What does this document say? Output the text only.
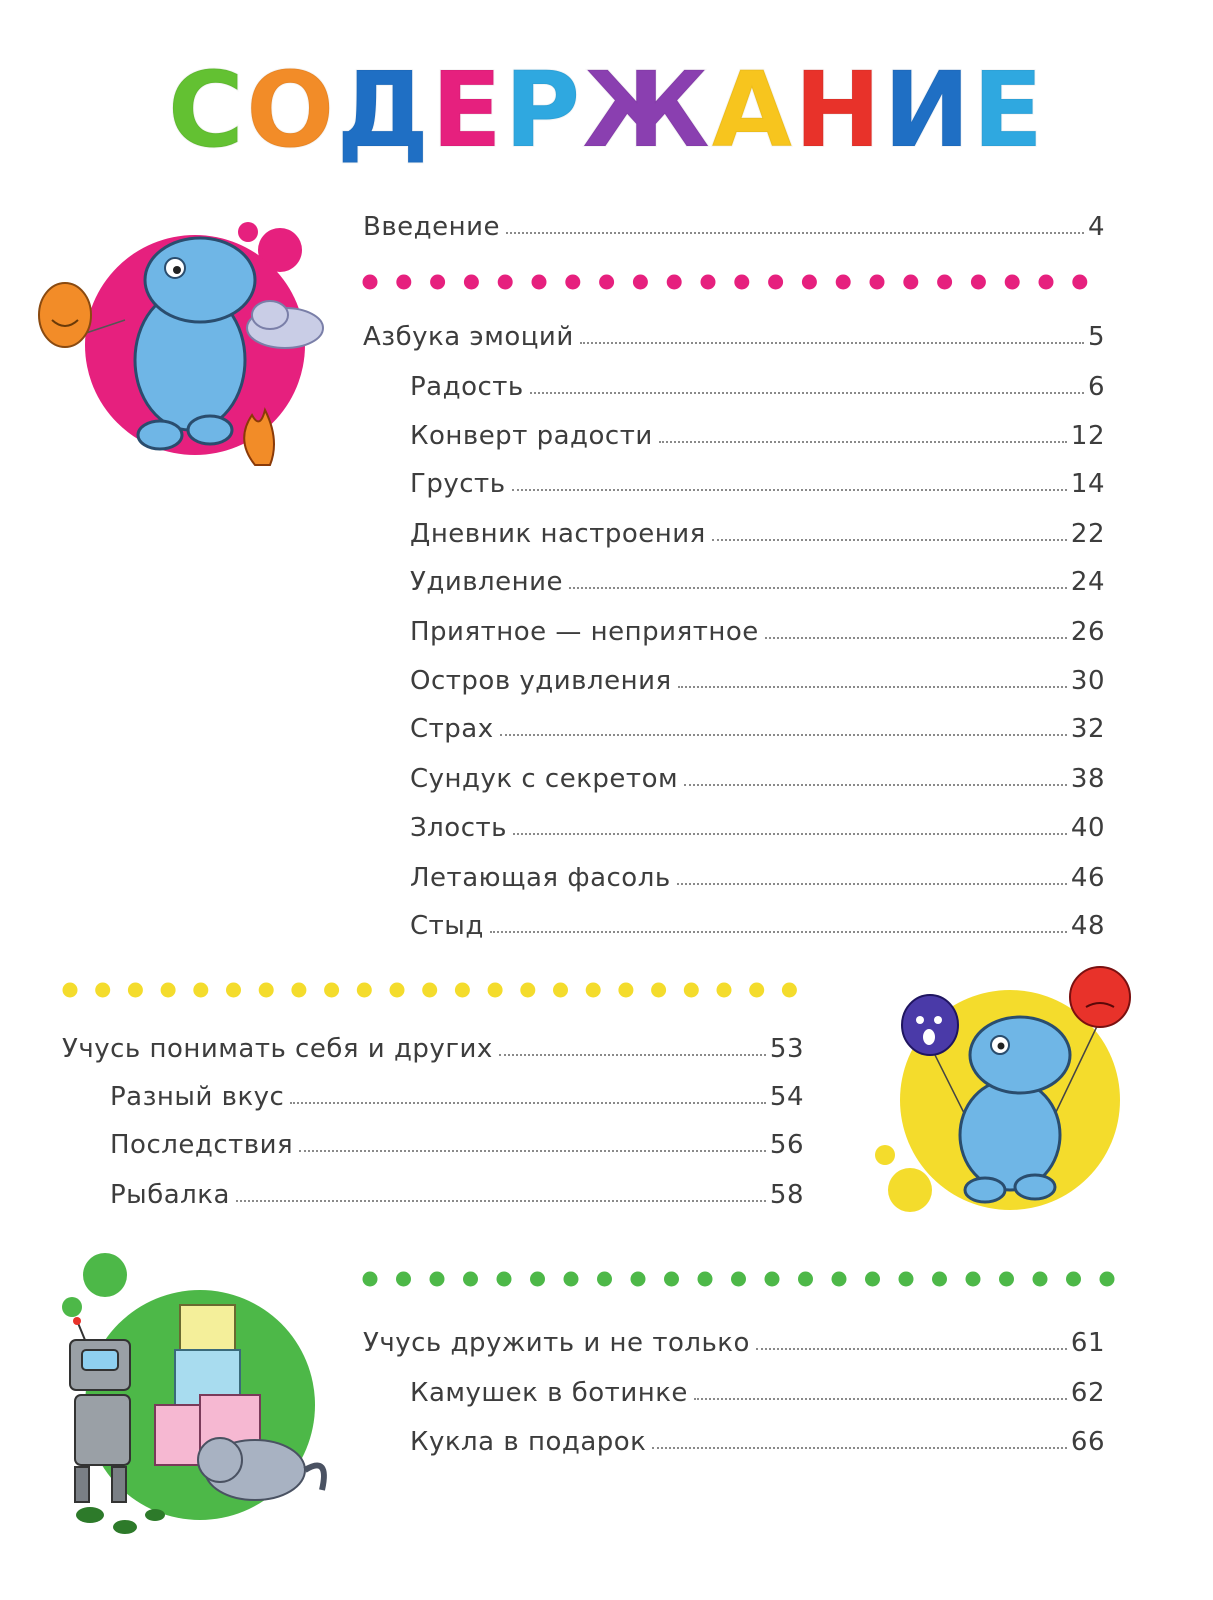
СОДЕРЖАНИЕ
Введение	4
Азбука эмоций	5
Радость	6
Конверт радости	12
Грусть	14
Дневник настроения	22
Удивление	24
Приятное — неприятное	26
Остров удивления	30
Страх	32
Сундук с секретом	38
Злость	40
Летающая фасоль	46
Стыд	48
Учусь понимать себя и других	53
Разный вкус	54
Последствия	56
Рыбалка	58
Учусь дружить и не только	61
Камушек в ботинке	62
Кукла в подарок	66
